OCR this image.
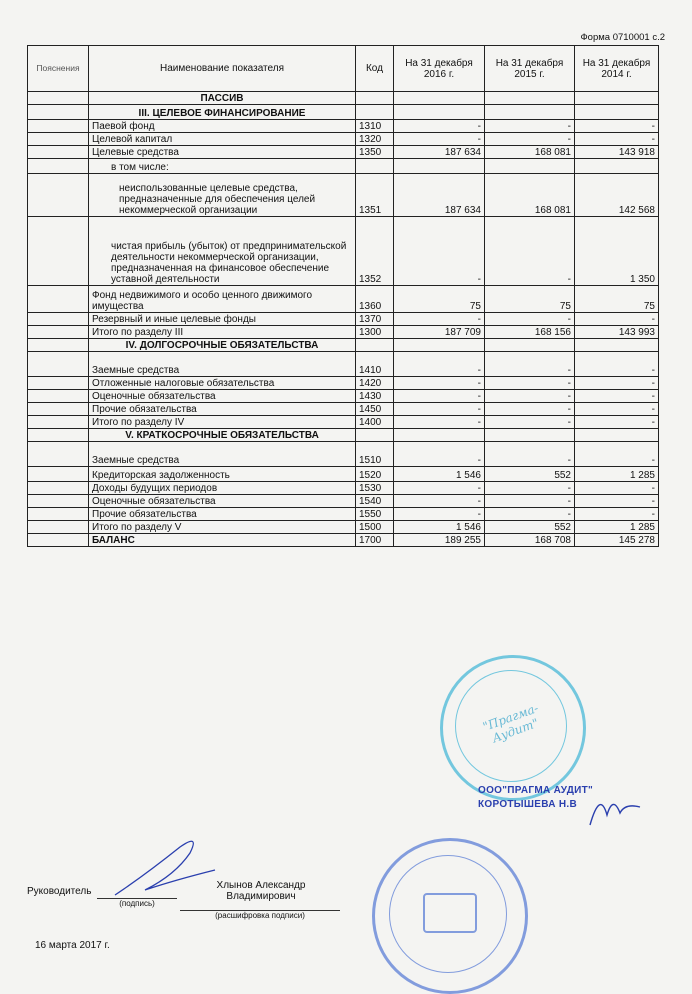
Форма 0710001 с.2
Пояснения	Наименование показателя	Код	На 31 декабря 2016 г.	На 31 декабря 2015 г.	На 31 декабря 2014 г.
	ПАССИВ				
	III. ЦЕЛЕВОЕ ФИНАНСИРОВАНИЕ				
	Паевой фонд	1310	-	-	-
	Целевой капитал	1320	-	-	-
	Целевые средства	1350	187 634	168 081	143 918
	в том числе:				
	неиспользованные целевые средства, предназначенные для обеспечения целей некоммерческой организации	1351	187 634	168 081	142 568
	чистая прибыль (убыток) от предпринимательской деятельности некоммерческой организации, предназначенная на финансовое обеспечение уставной деятельности	1352	-	-	1 350
	Фонд недвижимого и особо ценного движимого имущества	1360	75	75	75
	Резервный и иные целевые фонды	1370	-	-	-
	Итого по разделу III	1300	187 709	168 156	143 993
	IV. ДОЛГОСРОЧНЫЕ ОБЯЗАТЕЛЬСТВА				
	Заемные средства	1410	-	-	-
	Отложенные налоговые обязательства	1420	-	-	-
	Оценочные обязательства	1430	-	-	-
	Прочие обязательства	1450	-	-	-
	Итого по разделу IV	1400	-	-	-
	V. КРАТКОСРОЧНЫЕ ОБЯЗАТЕЛЬСТВА				
	Заемные средства	1510	-	-	-
	Кредиторская задолженность	1520	1 546	552	1 285
	Доходы будущих периодов	1530	-	-	-
	Оценочные обязательства	1540	-	-	-
	Прочие обязательства	1550	-	-	-
	Итого по разделу V	1500	1 546	552	1 285
	БАЛАНС	1700	189 255	168 708	145 278
"Прагма-Аудит"
ООО"ПРАГМА АУДИТ"
КОРОТЫШЕВА Н.В
Руководитель
(подпись)
Хлынов Александр
Владимирович
(расшифровка подписи)
16 марта 2017 г.
